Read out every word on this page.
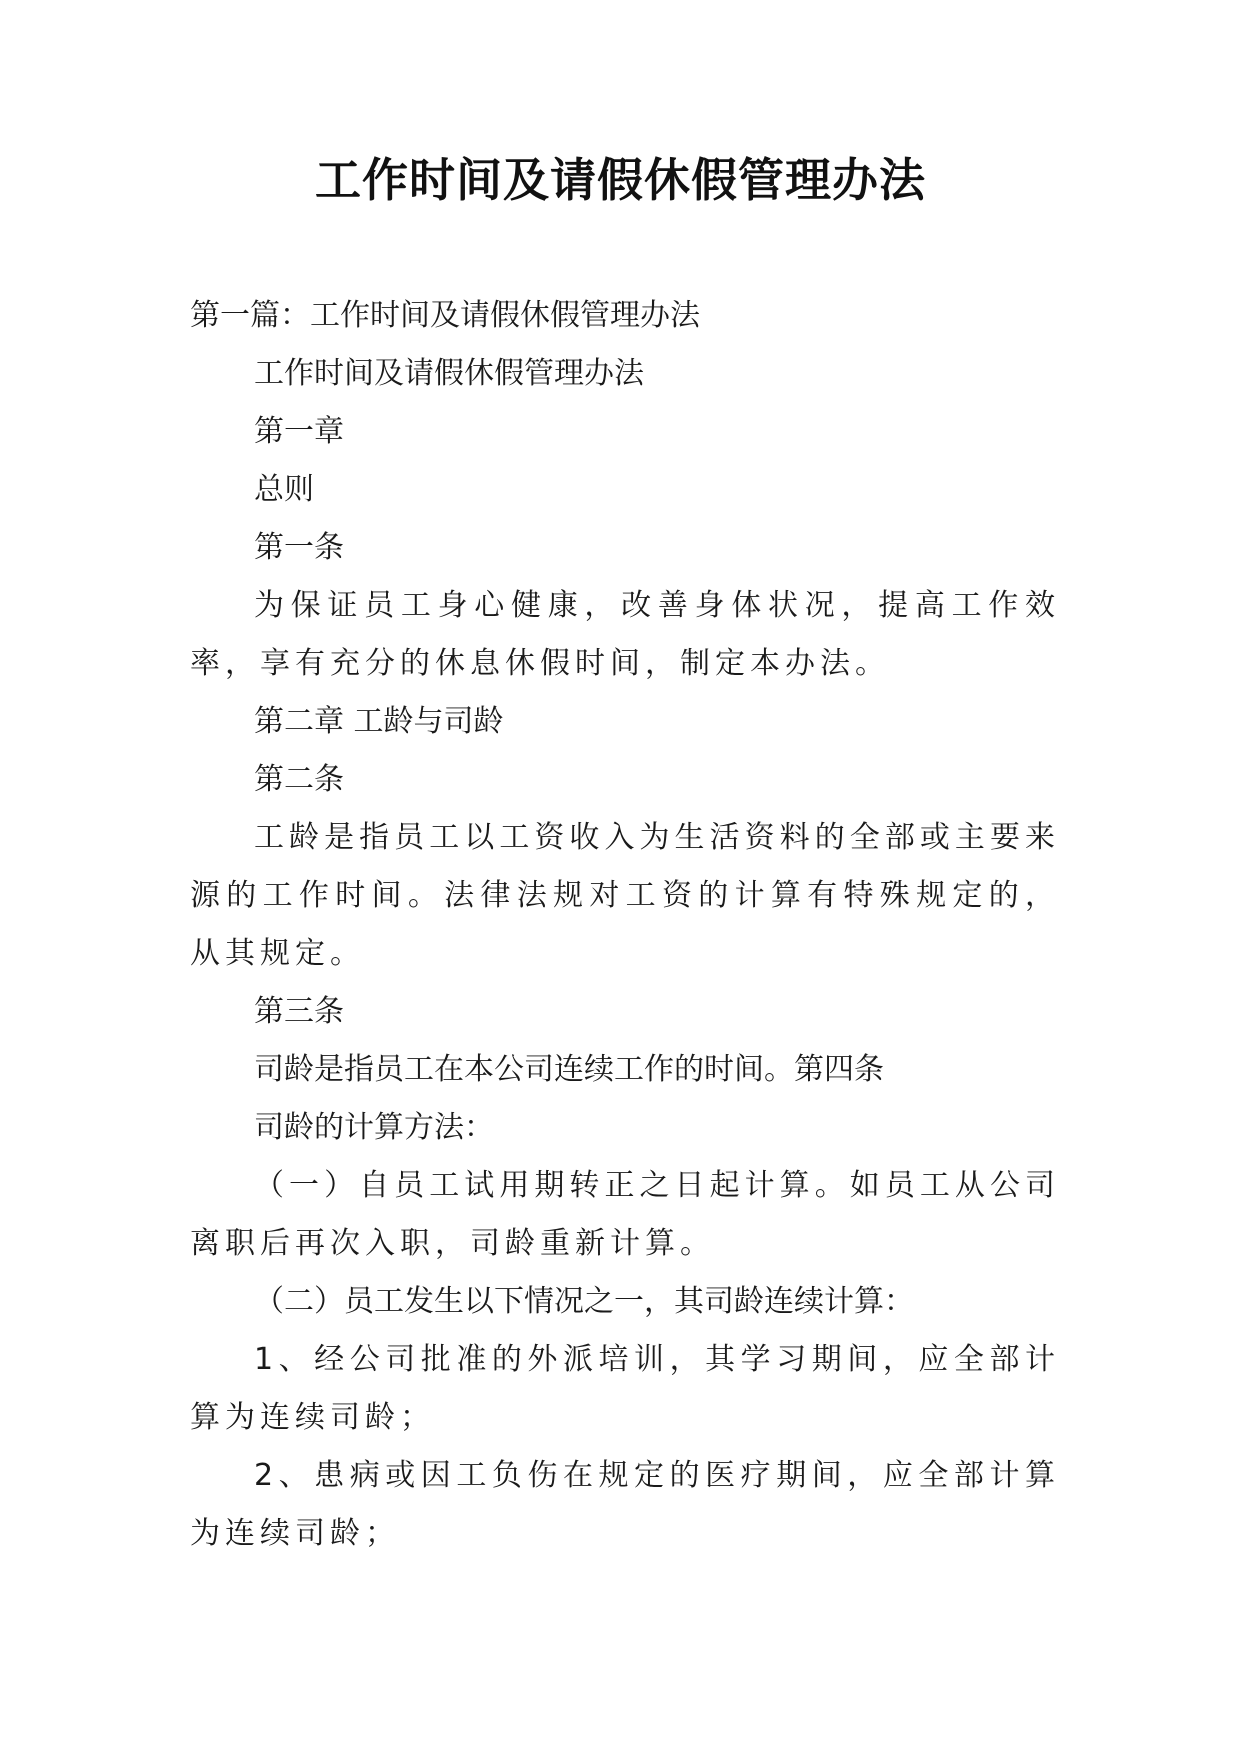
工作时间及请假休假管理办法

第一篇：工作时间及请假休假管理办法

工作时间及请假休假管理办法

第一章

总则

第一条

为保证员工身心健康，改善身体状况，提高工作效率，享有充分的休息休假时间，制定本办法。

第二章 工龄与司龄

第二条

工龄是指员工以工资收入为生活资料的全部或主要来源的工作时间。法律法规对工资的计算有特殊规定的，从其规定。

第三条

司龄是指员工在本公司连续工作的时间。第四条

司龄的计算方法：

（一）自员工试用期转正之日起计算。如员工从公司离职后再次入职，司龄重新计算。

（二）员工发生以下情况之一，其司龄连续计算：

1、经公司批准的外派培训，其学习期间，应全部计算为连续司龄；

2、患病或因工负伤在规定的医疗期间，应全部计算为连续司龄；
